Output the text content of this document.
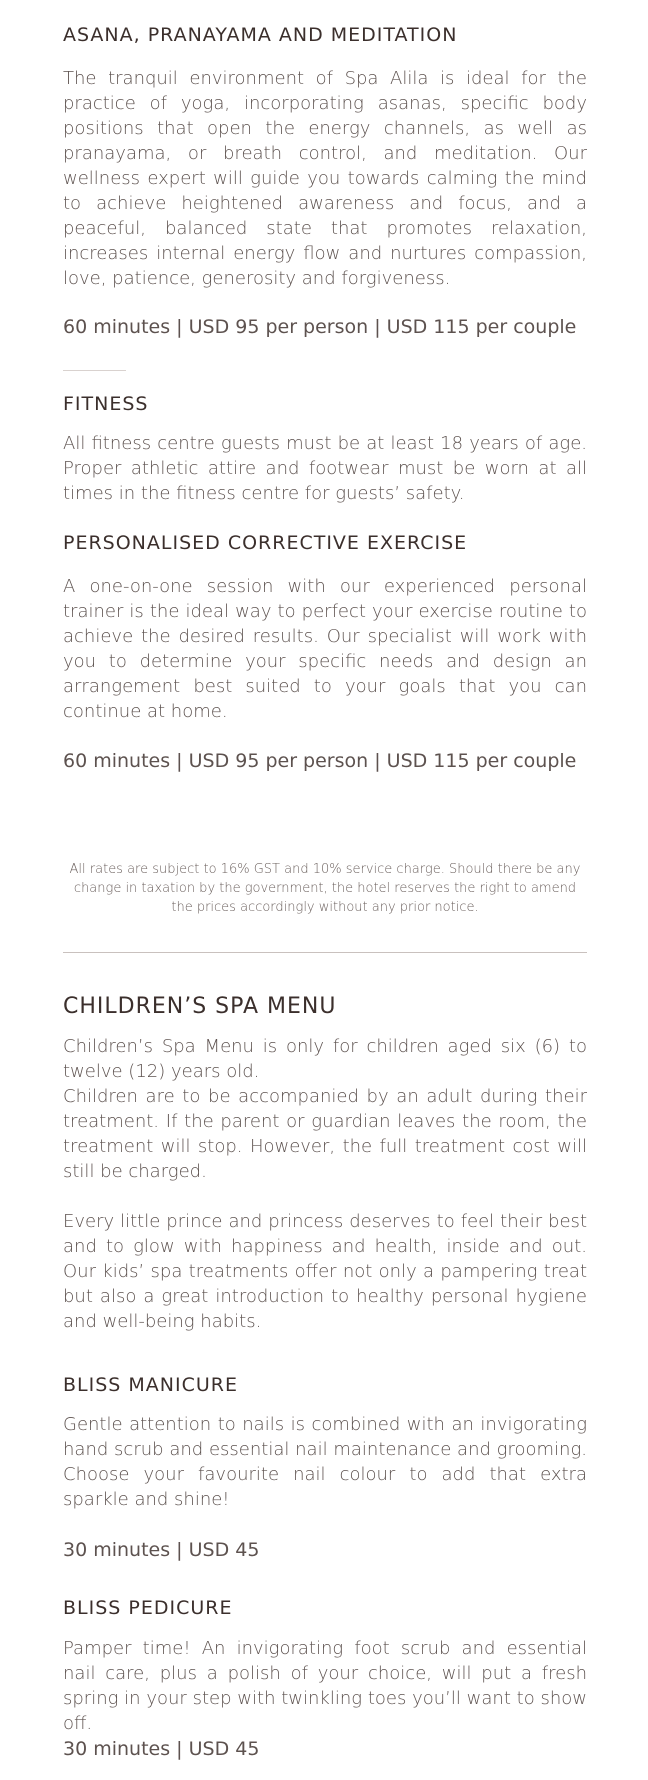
ASANA, PRANAYAMA AND MEDITATION

The tranquil environment of Spa Alila is ideal for the practice of yoga, incorporating asanas, specific body positions that open the energy channels, as well as pranayama, or breath control, and meditation. Our wellness expert will guide you towards calming the mind to achieve heightened awareness and focus, and a peaceful, balanced state that promotes relaxation, increases internal energy flow and nurtures compassion, love, patience, generosity and forgiveness.

60 minutes | USD 95 per person | USD 115 per couple
FITNESS

All fitness centre guests must be at least 18 years of age. Proper athletic attire and footwear must be worn at all times in the fitness centre for guests’ safety.

PERSONALISED CORRECTIVE EXERCISE

A one-on-one session with our experienced personal trainer is the ideal way to perfect your exercise routine to achieve the desired results. Our specialist will work with you to determine your specific needs and design an arrangement best suited to your goals that you can continue at home.

60 minutes | USD 95 per person | USD 115 per couple

All rates are subject to 16% GST and 10% service charge. Should there be any change in taxation by the government, the hotel reserves the right to amend the prices accordingly without any prior notice.

CHILDREN’S SPA MENU

Children’s Spa Menu is only for children aged six (6) to twelve (12) years old.

Children are to be accompanied by an adult during their treatment. If the parent or guardian leaves the room, the treatment will stop. However, the full treatment cost will still be charged.

Every little prince and princess deserves to feel their best and to glow with happiness and health, inside and out. Our kids’ spa treatments offer not only a pampering treat but also a great introduction to healthy personal hygiene and well-being habits.

BLISS MANICURE

Gentle attention to nails is combined with an invigorating hand scrub and essential nail maintenance and grooming. Choose your favourite nail colour to add that extra sparkle and shine!

30 minutes | USD 45
BLISS PEDICURE

Pamper time! An invigorating foot scrub and essential nail care, plus a polish of your choice, will put a fresh spring in your step with twinkling toes you’ll want to show off.

30 minutes | USD 45
